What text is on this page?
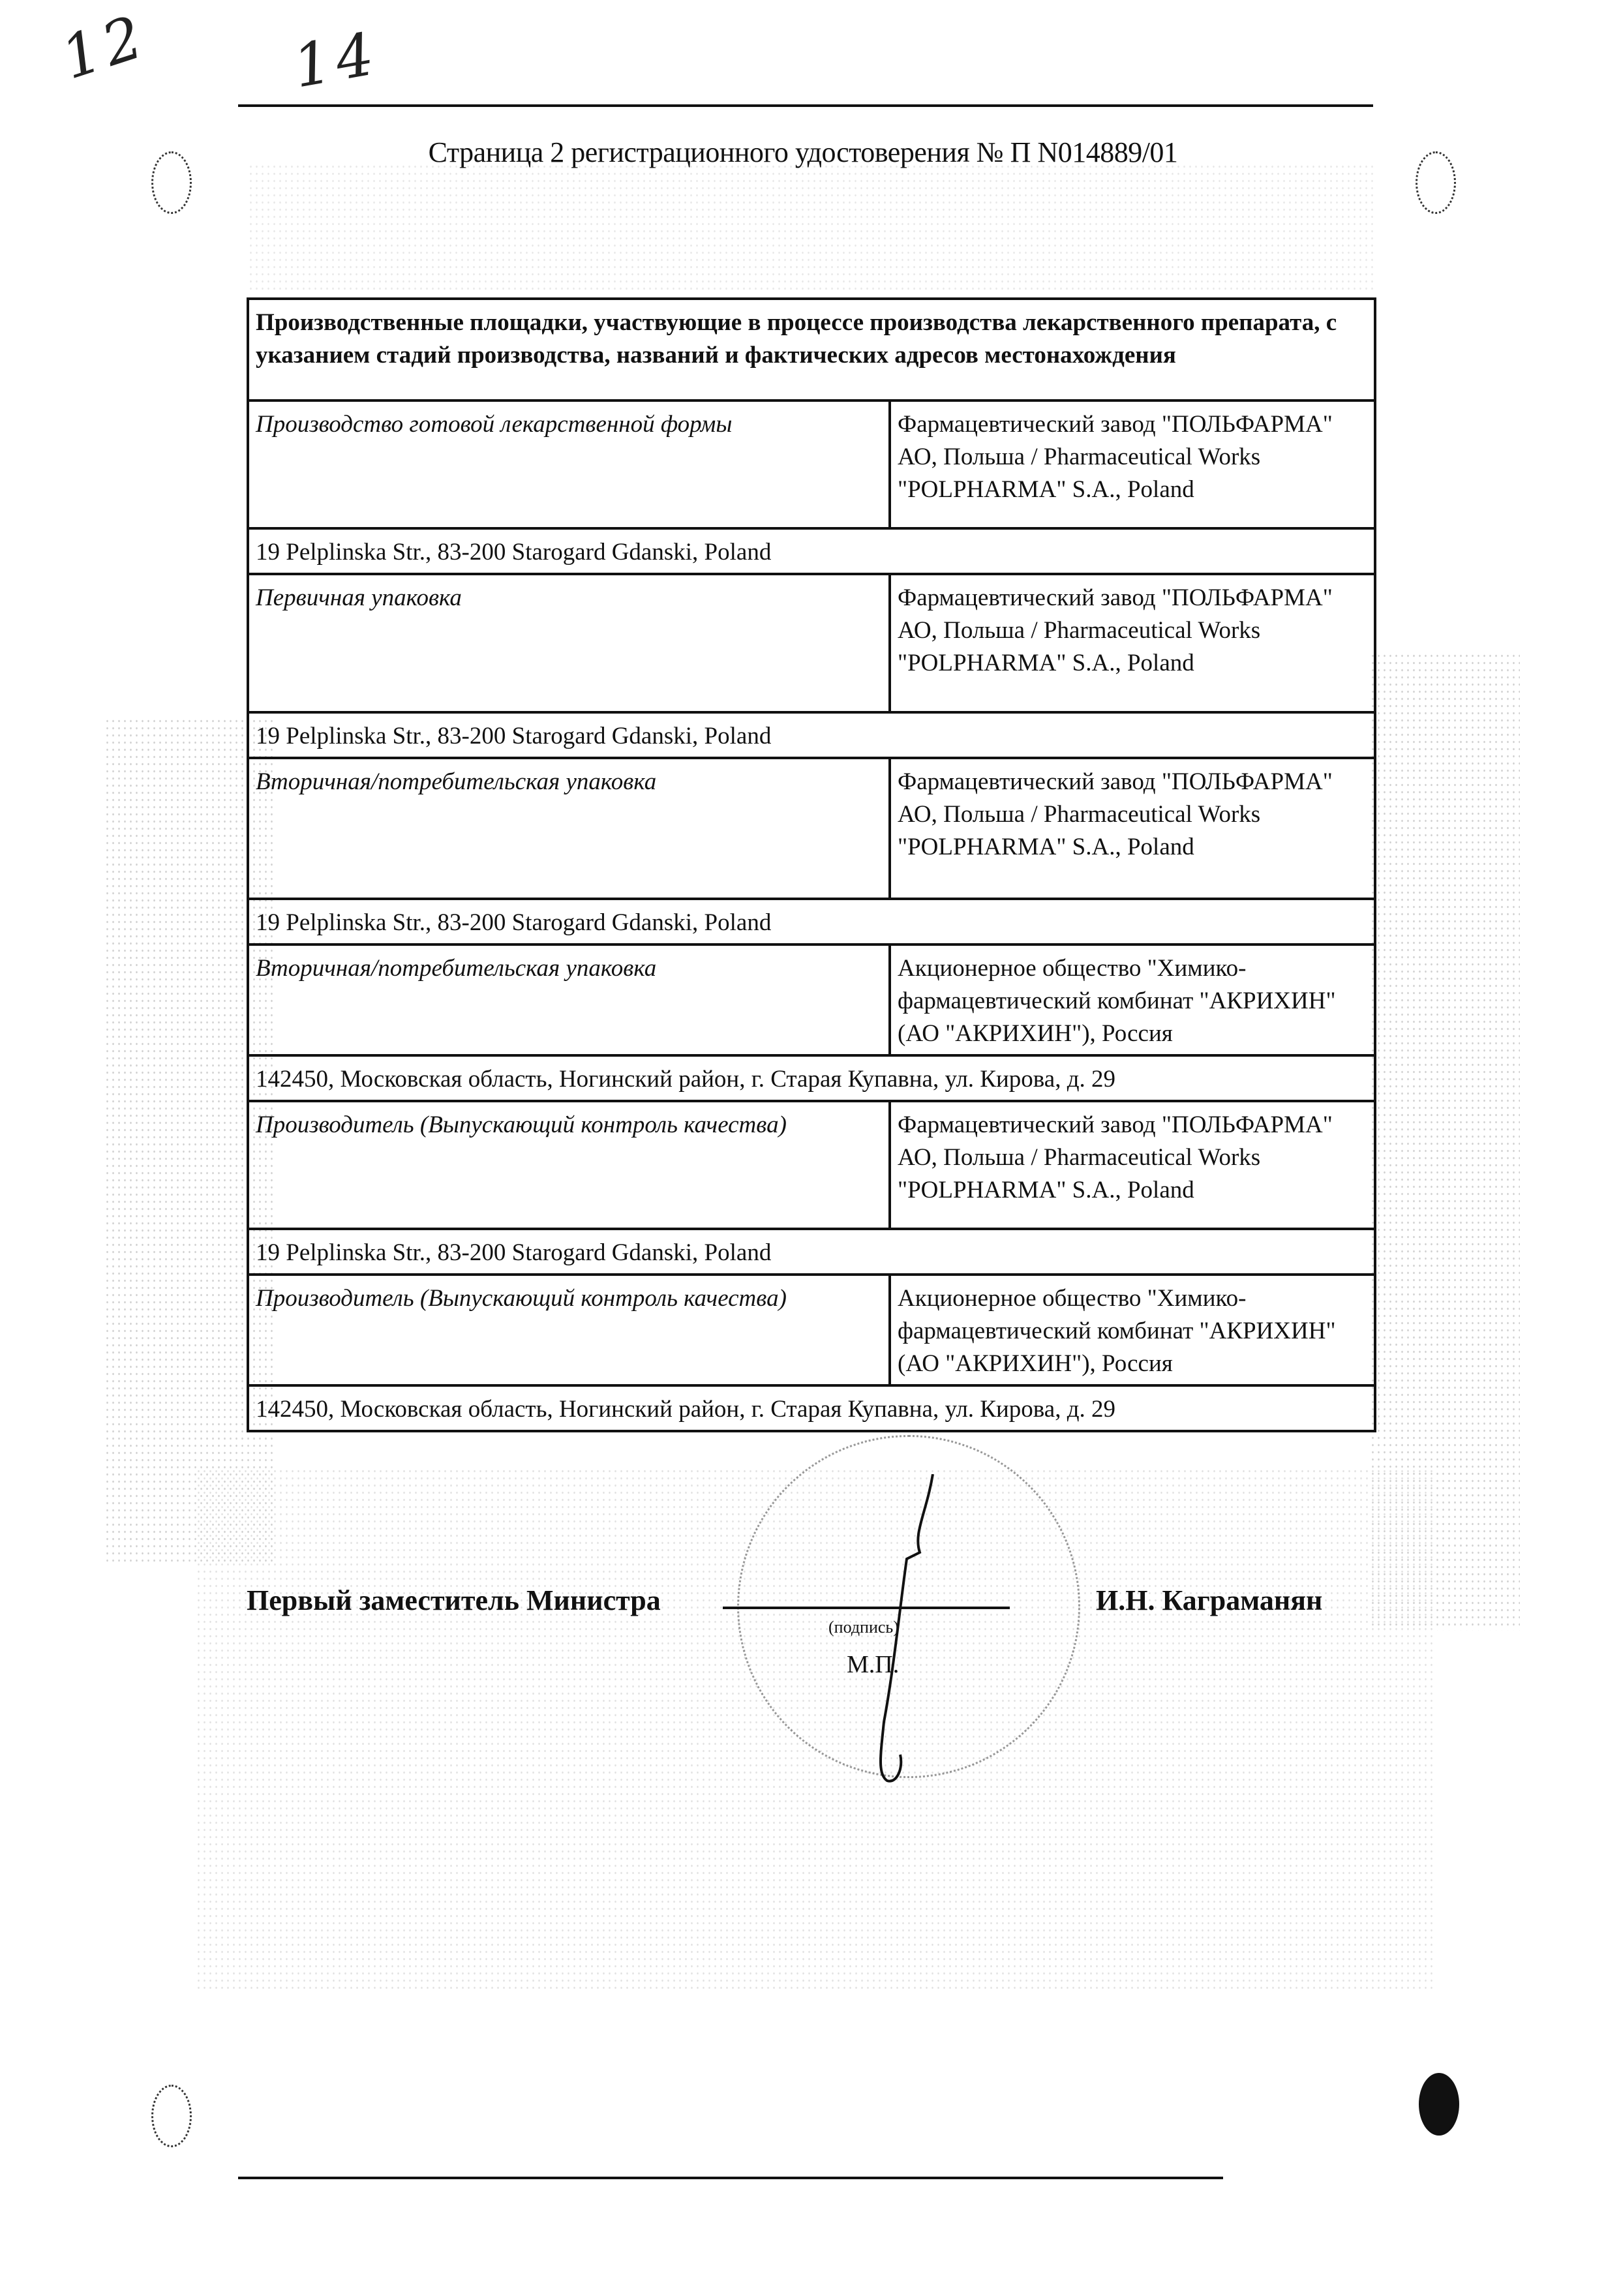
12 14
Страница 2 регистрационного удостоверения № П N014889/01
Производственные площадки, участвующие в процессе производства лекарственного препарата, с указанием стадий производства, названий и фактических адресов местонахождения	
Производство готовой лекарственной формы	Фармацевтический завод "ПОЛЬФАРМА" АО, Польша / Pharmaceutical Works "POLPHARMA" S.A., Poland
19 Pelplinska Str., 83-200 Starogard Gdanski, Poland	
Первичная упаковка	Фармацевтический завод "ПОЛЬФАРМА" АО, Польша / Pharmaceutical Works "POLPHARMA" S.A., Poland
19 Pelplinska Str., 83-200 Starogard Gdanski, Poland	
Вторичная/потребительская упаковка	Фармацевтический завод "ПОЛЬФАРМА" АО, Польша / Pharmaceutical Works "POLPHARMA" S.A., Poland
19 Pelplinska Str., 83-200 Starogard Gdanski, Poland	
Вторичная/потребительская упаковка	Акционерное общество "Химико-фармацевтический комбинат "АКРИХИН" (АО "АКРИХИН"), Россия
142450, Московская область, Ногинский район, г. Старая Купавна, ул. Кирова, д. 29	
Производитель (Выпускающий контроль качества)	Фармацевтический завод "ПОЛЬФАРМА" АО, Польша / Pharmaceutical Works "POLPHARMA" S.A., Poland
19 Pelplinska Str., 83-200 Starogard Gdanski, Poland	
Производитель (Выпускающий контроль качества)	Акционерное общество "Химико-фармацевтический комбинат "АКРИХИН" (АО "АКРИХИН"), Россия
142450, Московская область, Ногинский район, г. Старая Купавна, ул. Кирова, д. 29	
Первый заместитель Министра
(подпись)
М.П.
И.Н. Каграманян
